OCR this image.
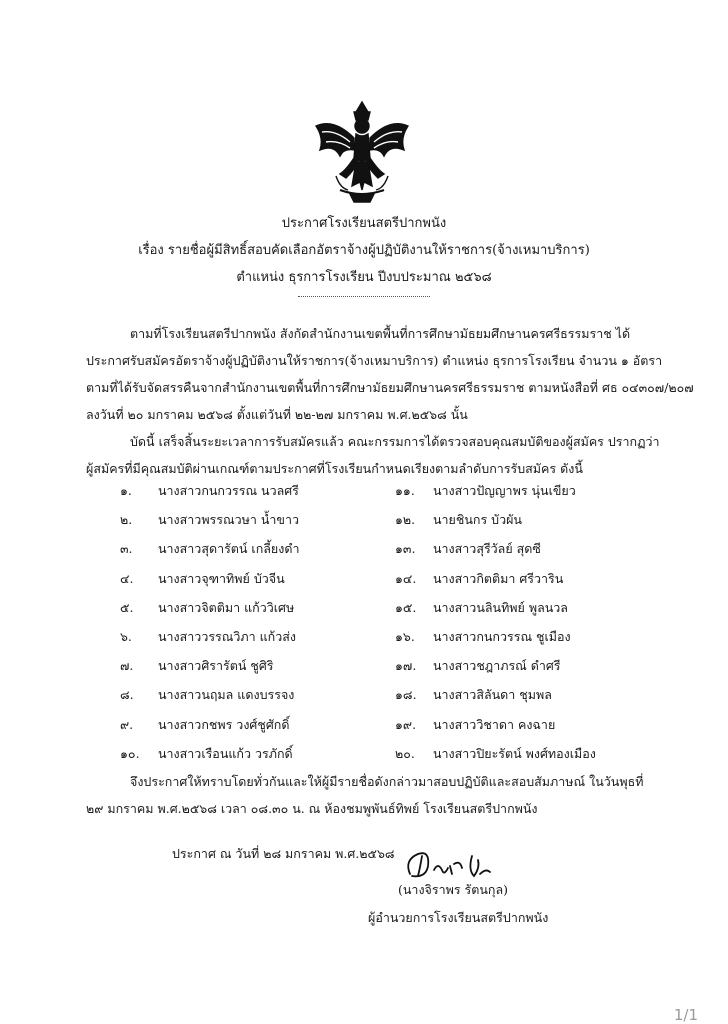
ประกาศโรงเรียนสตรีปากพนัง
เรื่อง รายชื่อผู้มีสิทธิ์สอบคัดเลือกอัตราจ้างผู้ปฏิบัติงานให้ราชการ(จ้างเหมาบริการ)
ตำแหน่ง ธุรการโรงเรียน ปีงบประมาณ ๒๕๖๘
ตามที่โรงเรียนสตรีปากพนัง สังกัดสำนักงานเขตพื้นที่การศึกษามัธยมศึกษานครศรีธรรมราช ได้
ประกาศรับสมัครอัตราจ้างผู้ปฏิบัติงานให้ราชการ(จ้างเหมาบริการ) ตำแหน่ง ธุรการโรงเรียน จำนวน ๑ อัตรา
ตามที่ได้รับจัดสรรคืนจากสำนักงานเขตพื้นที่การศึกษามัธยมศึกษานครศรีธรรมราช ตามหนังสือที่ ศธ ๐๔๓๐๗/๒๐๗
ลงวันที่ ๒๐ มกราคม ๒๕๖๘ ตั้งแต่วันที่ ๒๒-๒๗ มกราคม พ.ศ.๒๕๖๘ นั้น
บัดนี้ เสร็จสิ้นระยะเวลาการรับสมัครแล้ว คณะกรรมการได้ตรวจสอบคุณสมบัติของผู้สมัคร ปรากฏว่า
ผู้สมัครที่มีคุณสมบัติผ่านเกณฑ์ตามประกาศที่โรงเรียนกำหนดเรียงตามลำดับการรับสมัคร ดังนี้
๑. นางสาวกนกวรรณ นวลศรี
๒. นางสาวพรรณวษา น้ำขาว
๓. นางสาวสุดารัตน์ เกลี้ยงดำ
๔. นางสาวจุฑาทิพย์ บัวจีน
๕. นางสาวจิตติมา แก้ววิเศษ
๖. นางสาววรรณวิภา แก้วส่ง
๗. นางสาวศิรารัตน์ ชูศิริ
๘. นางสาวนฤมล แดงบรรจง
๙. นางสาวกชพร วงศ์ชูศักดิ์
๑๐. นางสาวเรือนแก้ว วรภักดิ์
๑๑. นางสาวปัญญาพร นุ่นเขียว
๑๒. นายชินกร บัวผัน
๑๓. นางสาวสุรีวัลย์ สุดซี
๑๔. นางสาวกิตติมา ศรีวาริน
๑๕. นางสาวนลินทิพย์ พูลนวล
๑๖. นางสาวกนกวรรณ ชูเมือง
๑๗. นางสาวชฎาภรณ์ ดำศรี
๑๘. นางสาวสิลันดา ชุมพล
๑๙. นางสาววิชาดา คงฉาย
๒๐. นางสาวปิยะรัตน์ พงศ์ทองเมือง
จึงประกาศให้ทราบโดยทั่วกันและให้ผู้มีรายชื่อดังกล่าวมาสอบปฏิบัติและสอบสัมภาษณ์ ในวันพุธที่
๒๙ มกราคม พ.ศ.๒๕๖๘ เวลา ๐๘.๓๐ น. ณ ห้องชมพูพันธ์ทิพย์ โรงเรียนสตรีปากพนัง
ประกาศ ณ วันที่ ๒๘ มกราคม พ.ศ.๒๕๖๘
(นางจิราพร รัตนกุล)
ผู้อำนวยการโรงเรียนสตรีปากพนัง
1/1
